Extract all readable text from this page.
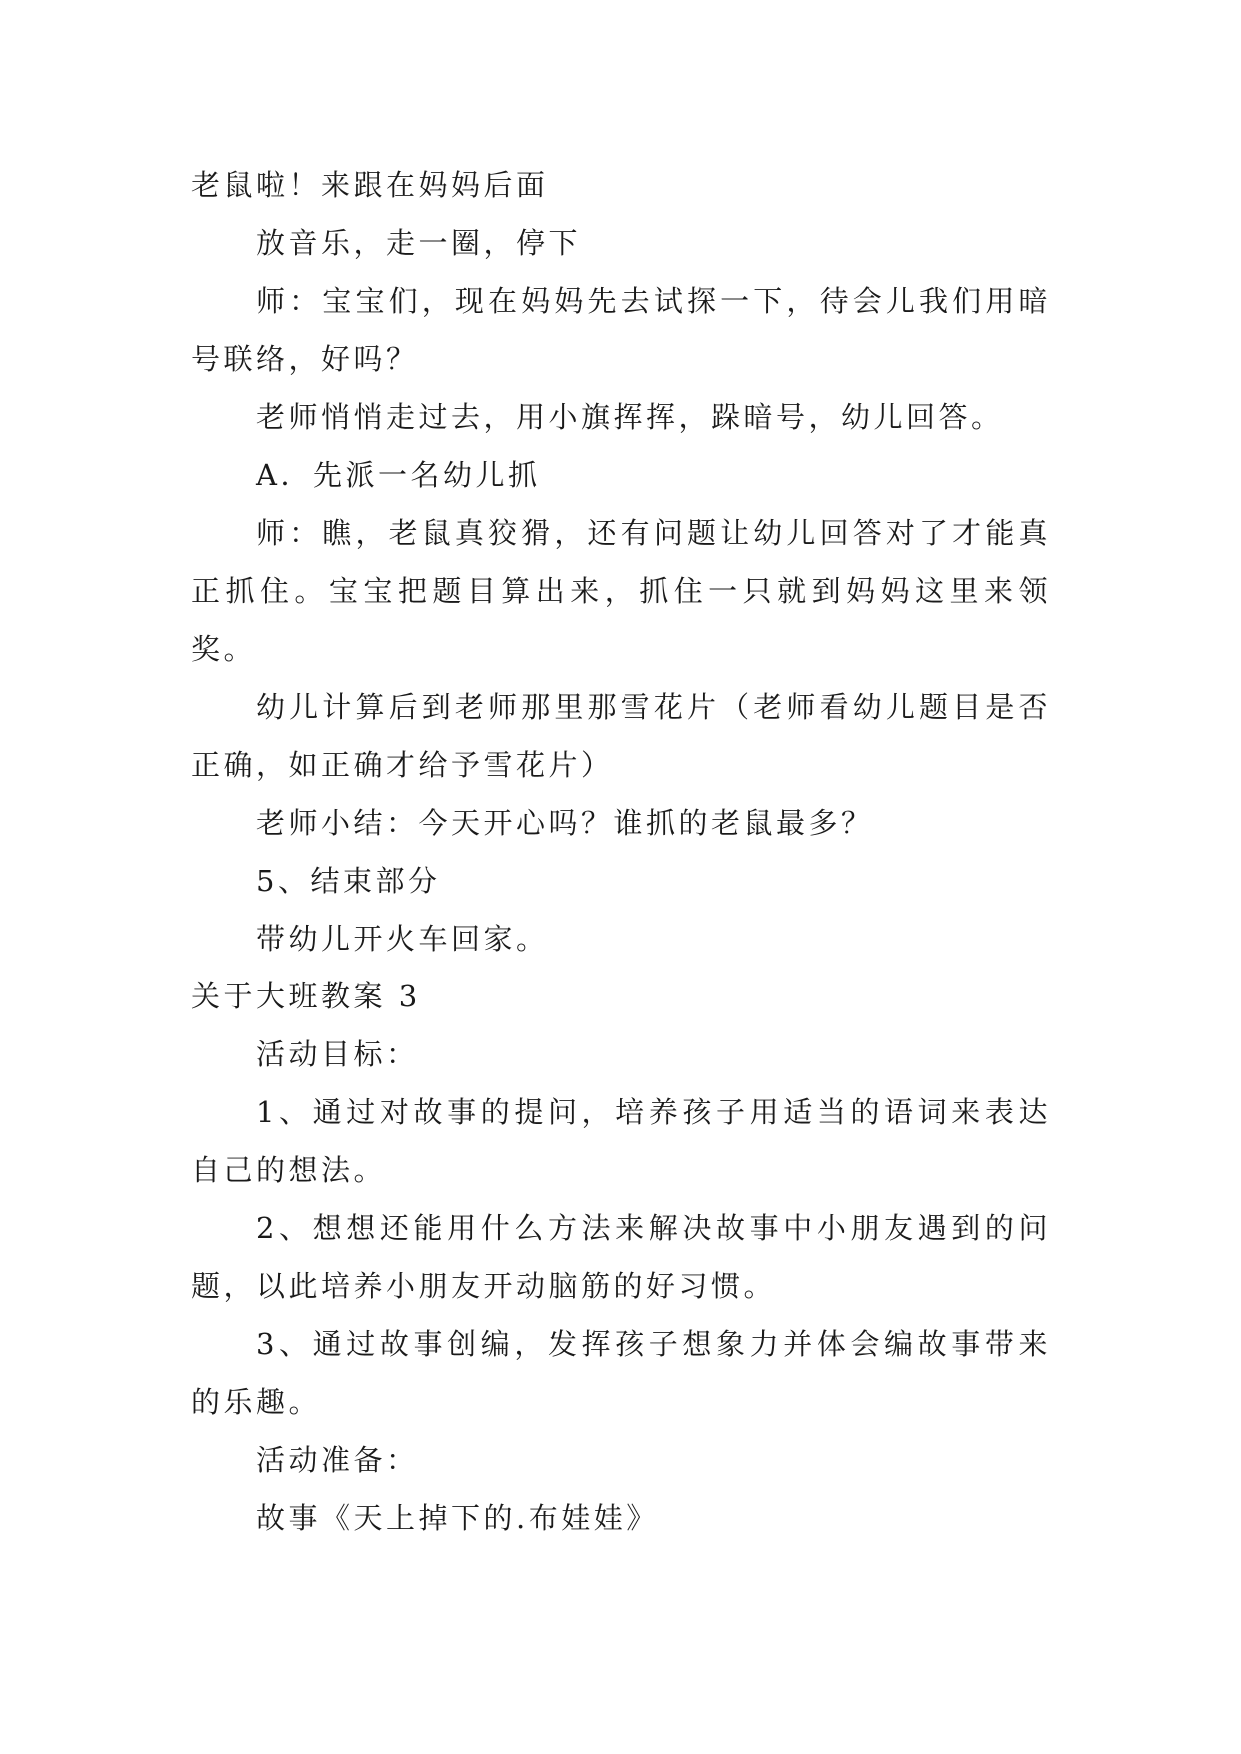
老鼠啦！来跟在妈妈后面

放音乐，走一圈，停下

师：宝宝们，现在妈妈先去试探一下，待会儿我们用暗号联络，好吗？

老师悄悄走过去，用小旗挥挥，跺暗号，幼儿回答。

A．先派一名幼儿抓

师：瞧，老鼠真狡猾，还有问题让幼儿回答对了才能真正抓住。宝宝把题目算出来，抓住一只就到妈妈这里来领奖。

幼儿计算后到老师那里那雪花片（老师看幼儿题目是否正确，如正确才给予雪花片）

老师小结：今天开心吗？谁抓的老鼠最多？

5、结束部分

带幼儿开火车回家。

关于大班教案 3

活动目标：

1、通过对故事的提问，培养孩子用适当的语词来表达自己的想法。

2、想想还能用什么方法来解决故事中小朋友遇到的问题，以此培养小朋友开动脑筋的好习惯。

3、通过故事创编，发挥孩子想象力并体会编故事带来的乐趣。

活动准备：

故事《天上掉下的.布娃娃》
